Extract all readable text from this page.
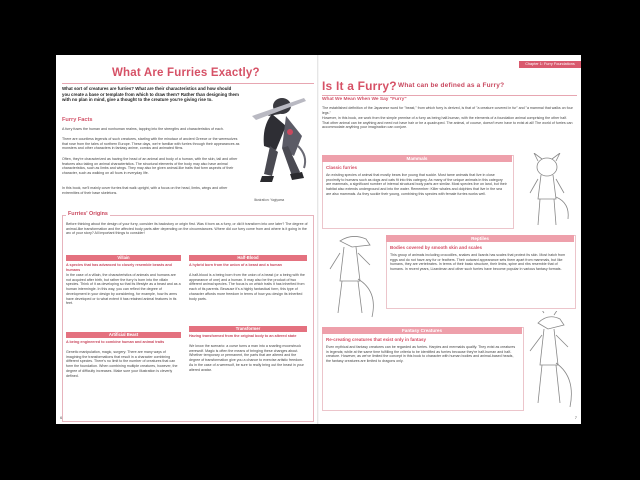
What Are Furries Exactly?
What sort of creatures are furries? What are their characteristics and how should you create a base or template from which to draw them? Rather than designing them with no plan in mind, give a thought to the creature you're giving rise to.
Furry Facts
A furry fuses the human and nonhuman realms, tapping into the strengths and characteristics of each.
There are countless legends of such creatures, starting with the minotaur of ancient Greece or the werewolves that rose from the tales of northern Europe. These days, we're familiar with furries through their appearances as monsters and other characters in fantasy anime, comics and animated films.
Often, they're characterized as having the head of an animal and body of a human, with the skin, tail and other features also taking on animal characteristics. The structural elements of the body may also have animal characteristics, such as limbs and wings. They may also be given animal-like traits that form aspects of their character, such as walking on all fours in everyday life.
In this book, we'll mainly cover furries that walk upright, with a focus on the head, limbs, wings and other extremities of their base skeletons.
Illustration: Yagiyama
Furries' Origins
Before thinking about the design of your furry, consider its backstory or origin first. Was it born as a furry, or did it transform into one later? The degree of animal-like transformation and the affected body parts alter depending on the circumstances. Where did our furry come from and where is it going in the arc of your story? All important things to consider!
Villain
A species that has advanced to closely resemble beasts and humans
In the case of a villain, the characteristics of animals and humans are not acquired after birth, but rather the furry is born into the villain species. Think of it as developing so that its lifestyle as a beast and as a human intermingle. In this way, you can reflect the degree of development in your design by considering, for example, how its arms have developed or to what extent it has retained animal features in its feet.
Half-Blood
A hybrid born from the union of a beast and a human
A half-blood is a being born from the union of a beast (or a being with the appearance of one) and a human. It may also be the product of two different animal species. The focus is on which traits it has inherited from each of its parents. Because it's a highly fantastical form, this type of character affords more freedom in terms of how you design its inherited body parts.
Artificial Beast
A being engineered to combine human and animal traits
Genetic manipulation, magic, surgery: There are many ways of imagining the transformations that result in a character combining different species. There's no limit to the number of creatures that can form the foundation. When combining multiple creatures, however, the degree of difficulty increases. Make sure your illustration is cleverly defined.
Transformer
Having transformed from the original body to an altered state
We know the scenario: a curse turns a man into a snarling moonstruck werewolf. Magic is often the means of bringing these changes about. Whether temporary or permanent, the parts that are altered and the degree of transformation give you a chance to exercise artistic freedom. As in the case of a werewolf, be sure to really bring out the beast in your altered avatar.
6
Chapter 1: Furry Foundations
Is It a Furry? What can be defined as a Furry?
What We Mean When We Say "Furry"
The established definition of the Japanese word for "beast," from which furry is derived, is that of "a creature covered in fur" and "a mammal that walks on four legs."
However, in this book, we work from the simple premise of a furry as being half-human, with the elements of a foundation animal comprising the other half. That other animal can be anything and need not have hair or be a quadruped. The animal, of course, doesn't even have to exist at all! The world of furries can accommodate anything your imagination can conjure.
Mammals
Classic furries
An existing species of animal that mostly bears live young that suckle. Most tame animals that live in close proximity to humans such as dogs and cats fit into this category. As many of the unique animals in this category are mammals, a significant number of internal structural body parts are similar. Most species live on land, but their habitat also extends underground and into the water. Remember: Killer whales and dolphins that live in the sea are also mammals. As they suckle their young, combining this species with female furries works well.
Reptiles
Bodies covered by smooth skin and scales
This group of animals including crocodiles, snakes and lizards has scales that protect its skin. Most hatch from eggs and do not have any fur or feathers. Their outward appearance sets them apart from mammals, but like humans, they are vertebrates. In terms of their basic structure, their limbs, spine and ribs resemble that of humans. In recent years, Lizardman and other such furries have become popular in various fantasy formats.
Fantasy Creatures
Re-creating creatures that exist only in fantasy
Even mythical and fantasy creatures can be regarded as furries. Harpies and mermaids qualify. They exist as creatures in legends; while at the same time fulfilling the criteria to be identified as furries because they're half-human and half-creature. However, as we've limited the concept in this book to character with human bodies and animal-based heads, the fantasy creatures are limited to dragons only.
7
